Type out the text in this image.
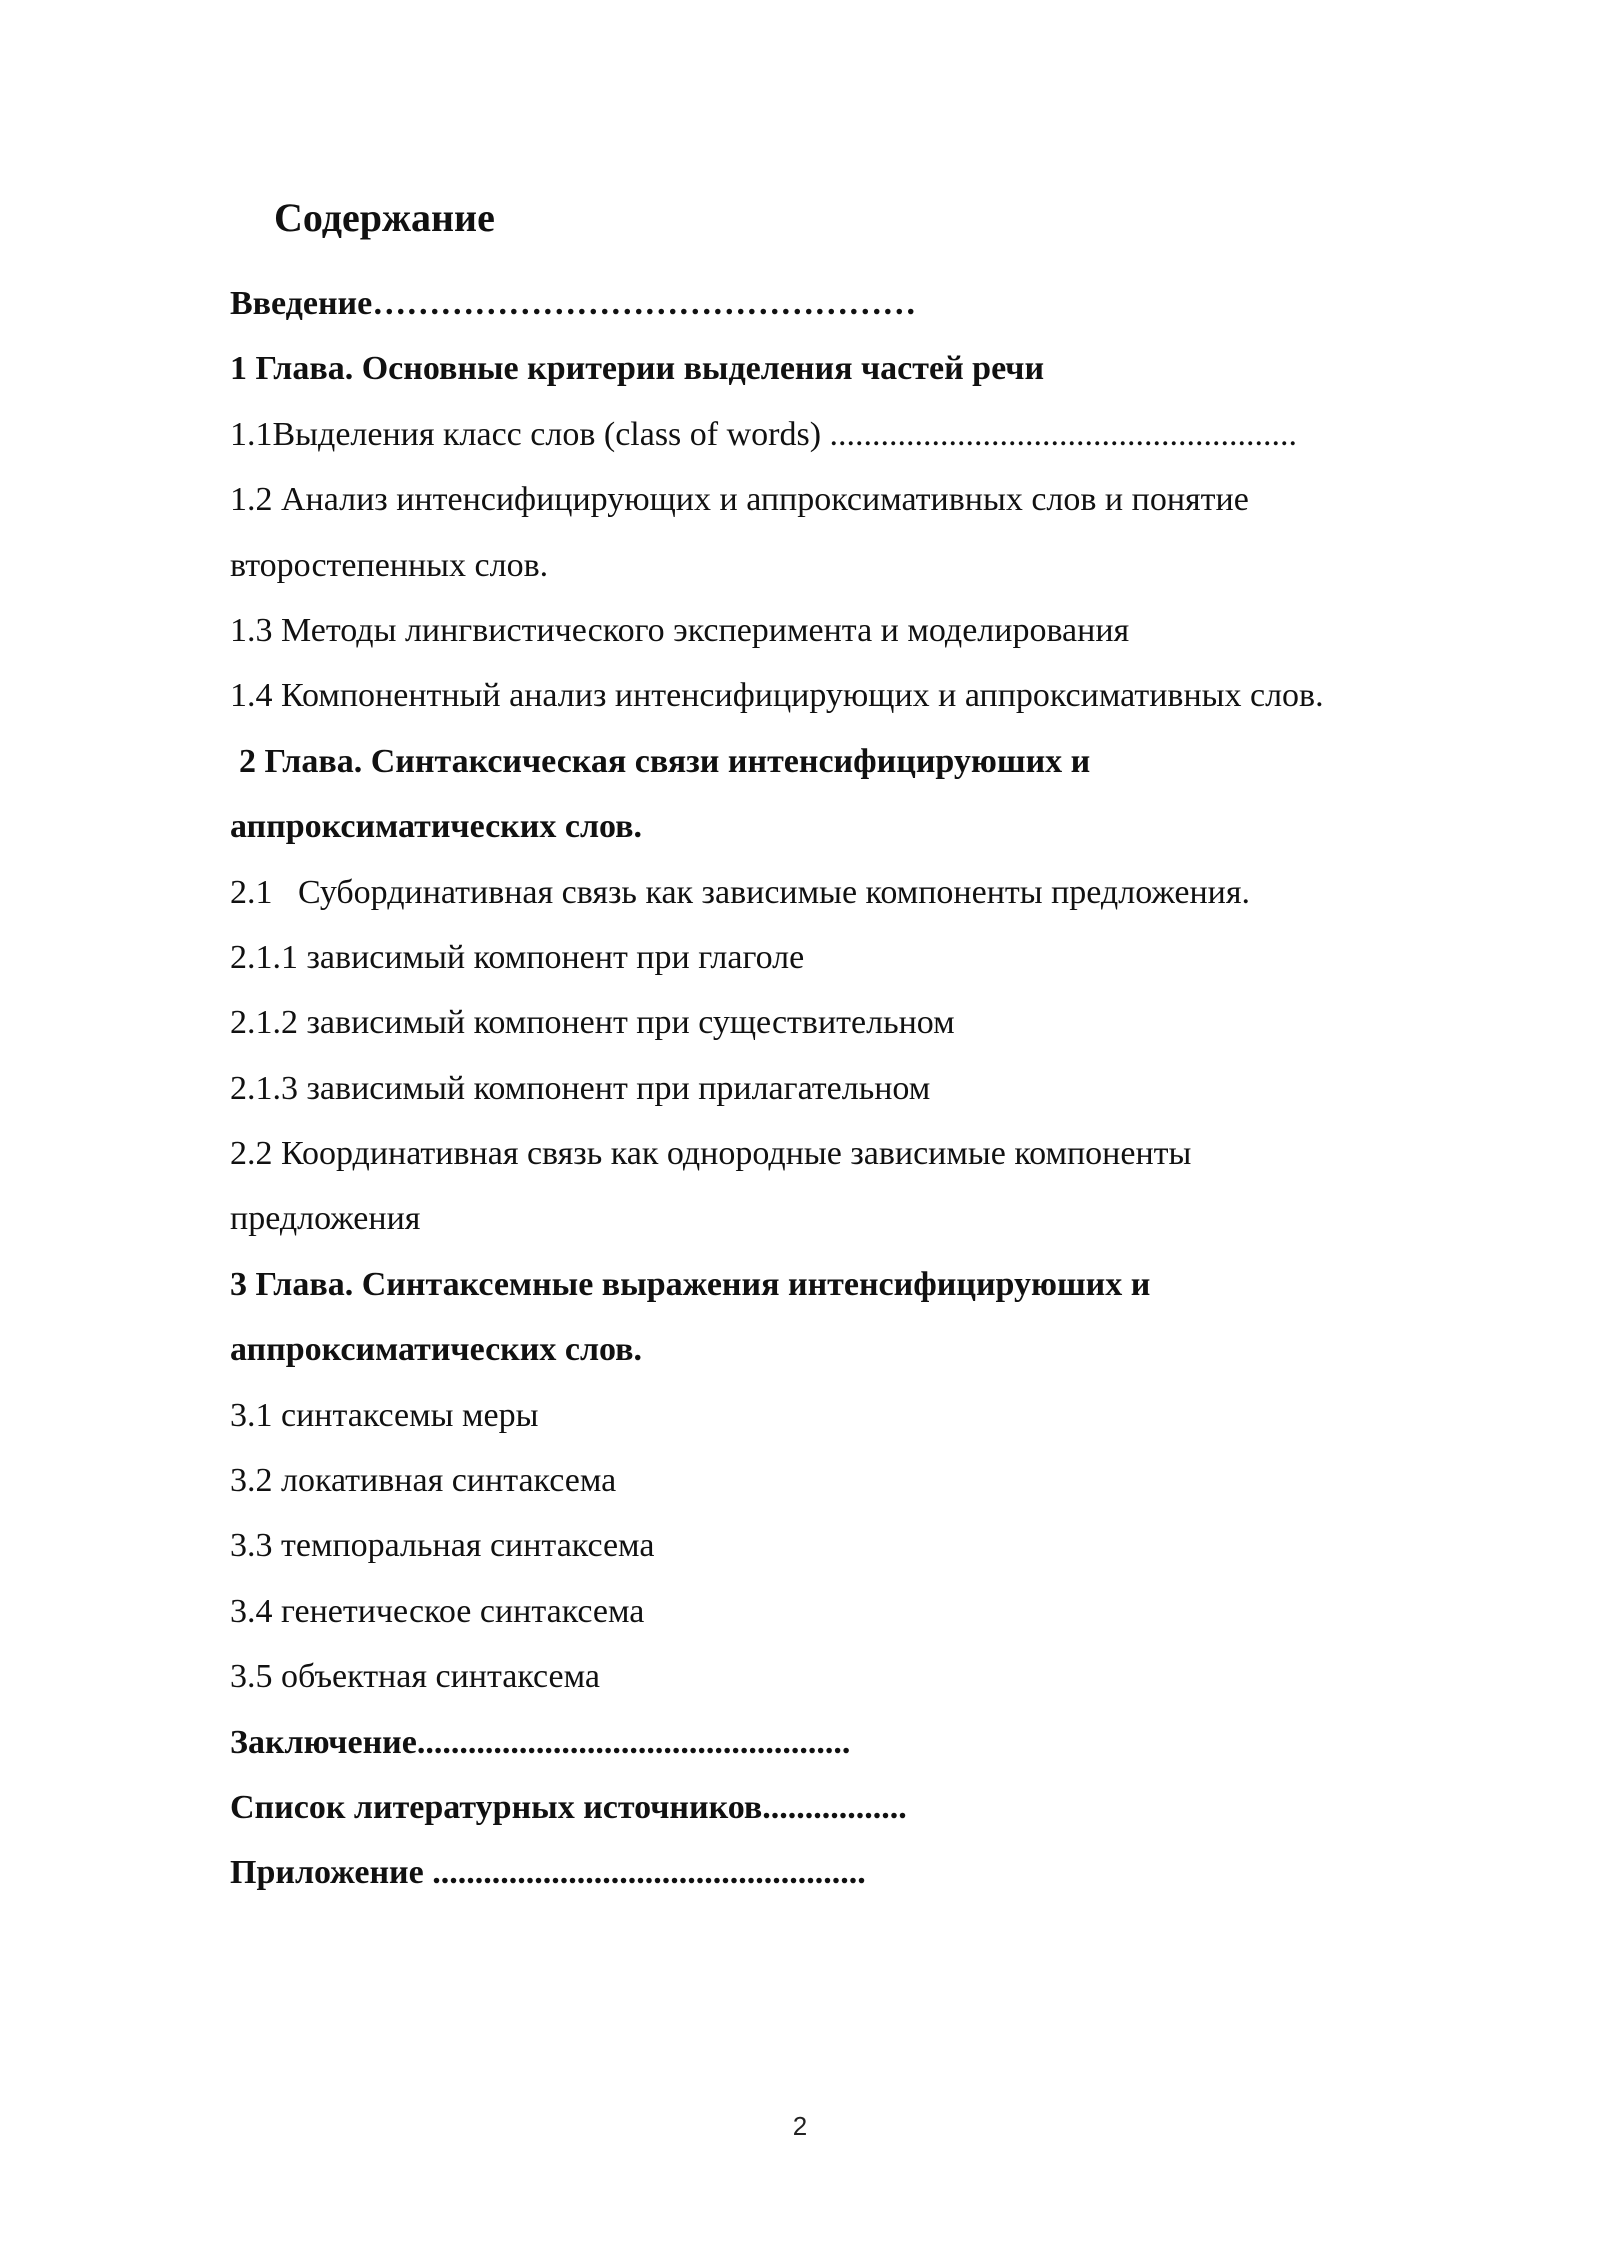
Содержание
Введение…………………………………………
1 Глава. Основные критерии выделения частей речи
1.1Выделения класс слов (class of words) .......................................................
1.2 Анализ интенсифицирующих и аппроксимативных слов и понятие
второстепенных слов.
1.3 Методы лингвистического эксперимента и моделирования
1.4 Компонентный анализ интенсифицирующих и аппроксимативных слов.
2 Глава. Синтаксическая связи интенсифицируюших и
аппроксиматических слов.
2.1   Субординативная связь как зависимые компоненты предложения.
2.1.1 зависимый компонент при глаголе
2.1.2 зависимый компонент при существительном
2.1.3 зависимый компонент при прилагательном
2.2 Координативная связь как однородные зависимые компоненты
предложения
3 Глава. Синтаксемные выражения интенсифицируюших и
аппроксиматических слов.
3.1 синтаксемы меры
3.2 локативная синтаксема
3.3 темпоральная синтаксема
3.4 генетическое синтаксема
3.5 объектная синтаксема
Заключение...................................................
Список литературных источников.................
Приложение ...................................................
2
